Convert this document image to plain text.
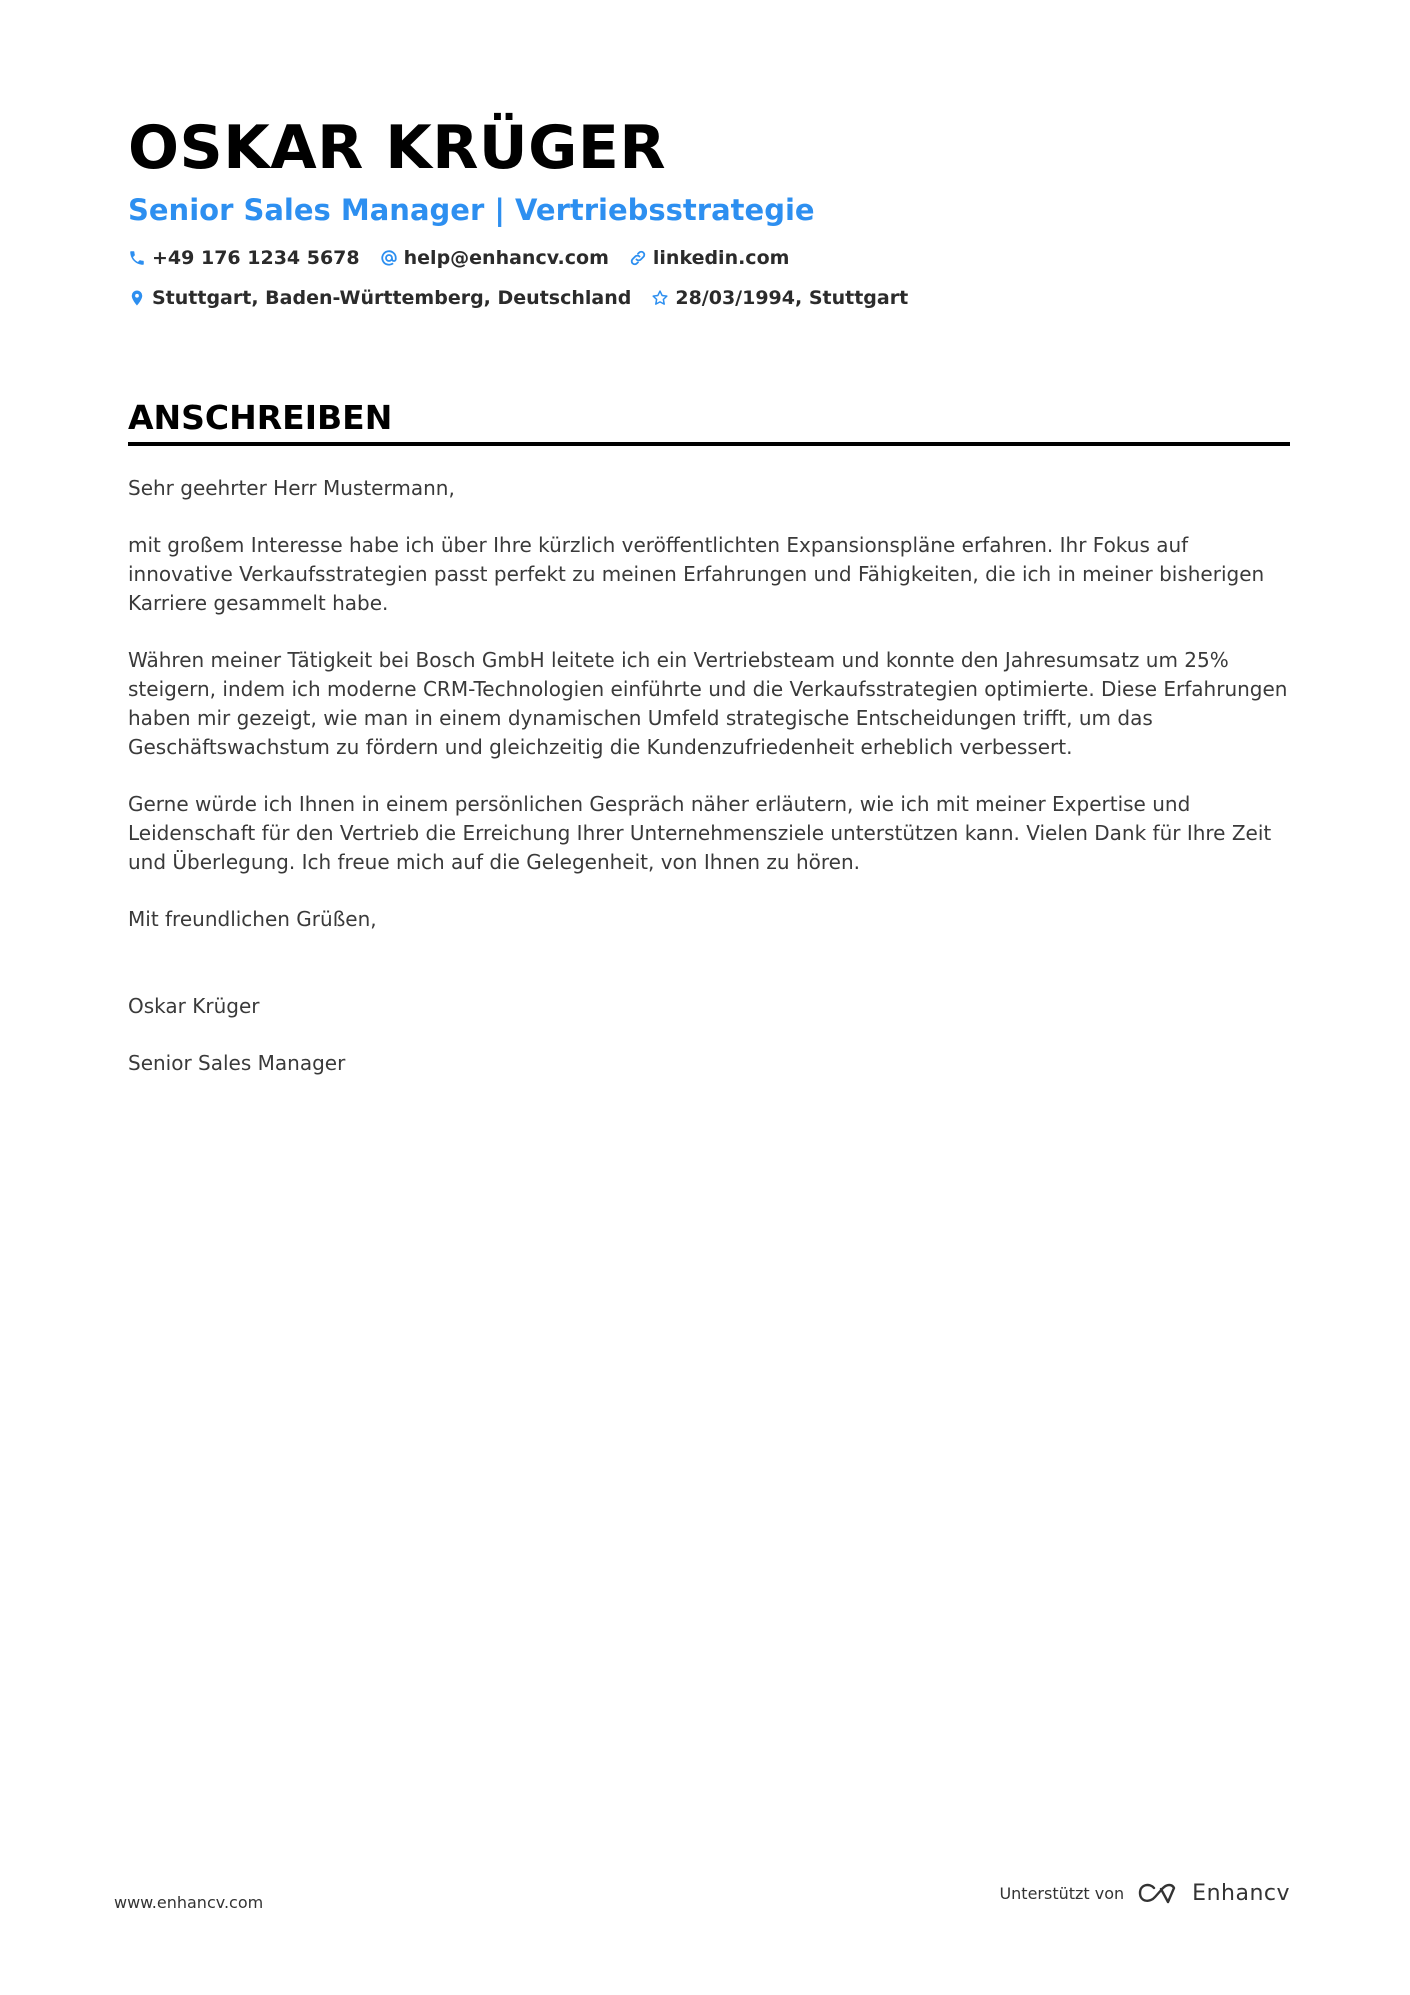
OSKAR KRÜGER
Senior Sales Manager | Vertriebsstrategie
+49 176 1234 5678 help@enhancv.com linkedin.com
Stuttgart, Baden-Württemberg, Deutschland 28/03/1994, Stuttgart
ANSCHREIBEN

Sehr geehrter Herr Mustermann,

mit großem Interesse habe ich über Ihre kürzlich veröffentlichten Expansionspläne erfahren. Ihr Fokus auf innovative Verkaufsstrategien passt perfekt zu meinen Erfahrungen und Fähigkeiten, die ich in meiner bisherigen Karriere gesammelt habe.

Währen meiner Tätigkeit bei Bosch GmbH leitete ich ein Vertriebsteam und konnte den Jahresumsatz um 25% steigern, indem ich moderne CRM-Technologien einführte und die Verkaufsstrategien optimierte. Diese Erfahrungen haben mir gezeigt, wie man in einem dynamischen Umfeld strategische Entscheidungen trifft, um das Geschäftswachstum zu fördern und gleichzeitig die Kundenzufriedenheit erheblich verbessert.

Gerne würde ich Ihnen in einem persönlichen Gespräch näher erläutern, wie ich mit meiner Expertise und Leidenschaft für den Vertrieb die Erreichung Ihrer Unternehmensziele unterstützen kann. Vielen Dank für Ihre Zeit und Überlegung. Ich freue mich auf die Gelegenheit, von Ihnen zu hören.

Mit freundlichen Grüßen,

Oskar Krüger

Senior Sales Manager

www.enhancv.com	Unterstützt von	Enhancv
